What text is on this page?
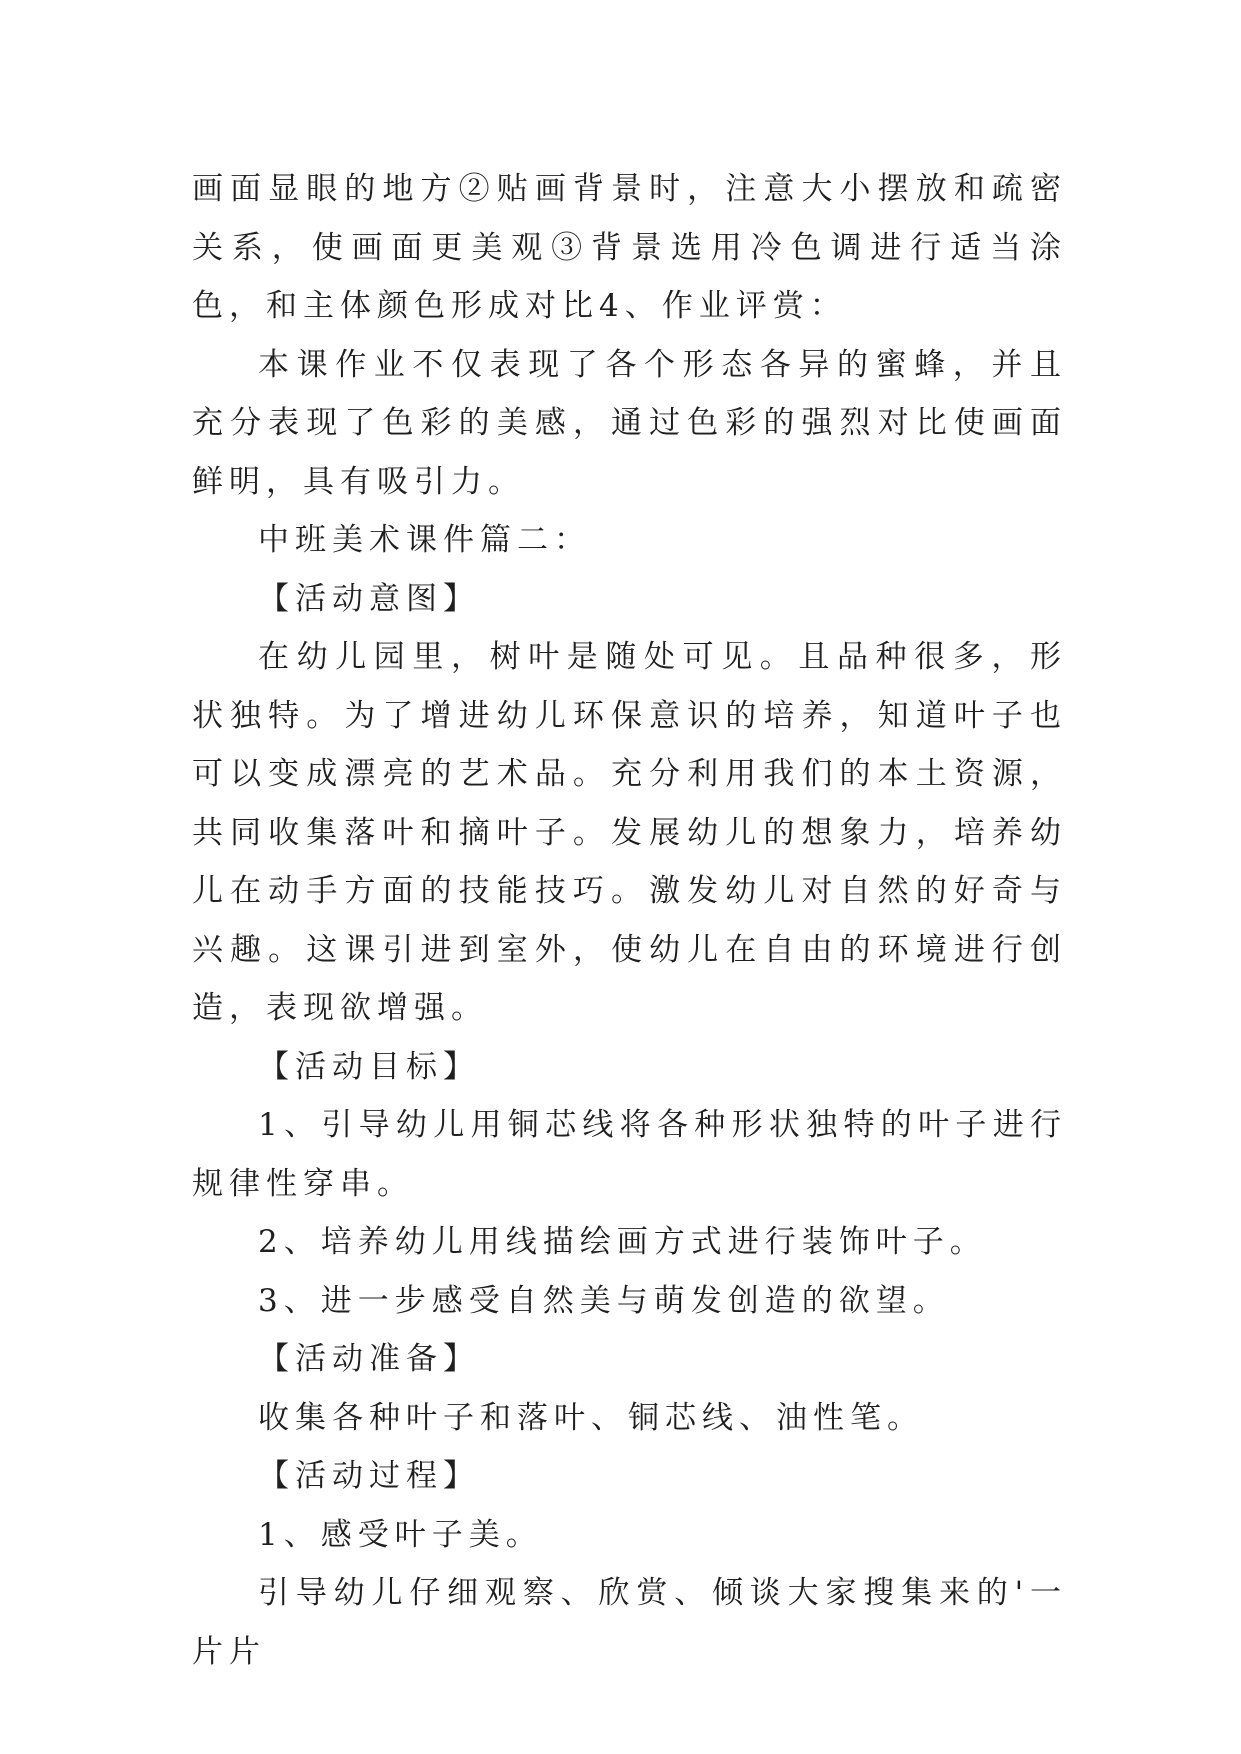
画面显眼的地方②贴画背景时，注意大小摆放和疏密关系，使画面更美观③背景选用冷色调进行适当涂色，和主体颜色形成对比4、作业评赏：

本课作业不仅表现了各个形态各异的蜜蜂，并且充分表现了色彩的美感，通过色彩的强烈对比使画面鲜明，具有吸引力。

中班美术课件篇二：

【活动意图】

在幼儿园里，树叶是随处可见。且品种很多，形状独特。为了增进幼儿环保意识的培养，知道叶子也可以变成漂亮的艺术品。充分利用我们的本土资源，共同收集落叶和摘叶子。发展幼儿的想象力，培养幼儿在动手方面的技能技巧。激发幼儿对自然的好奇与兴趣。这课引进到室外，使幼儿在自由的环境进行创造，表现欲增强。

【活动目标】

1、引导幼儿用铜芯线将各种形状独特的叶子进行规律性穿串。

2、培养幼儿用线描绘画方式进行装饰叶子。

3、进一步感受自然美与萌发创造的欲望。

【活动准备】

收集各种叶子和落叶、铜芯线、油性笔。

【活动过程】

1、感受叶子美。

引导幼儿仔细观察、欣赏、倾谈大家搜集来的'一片片
